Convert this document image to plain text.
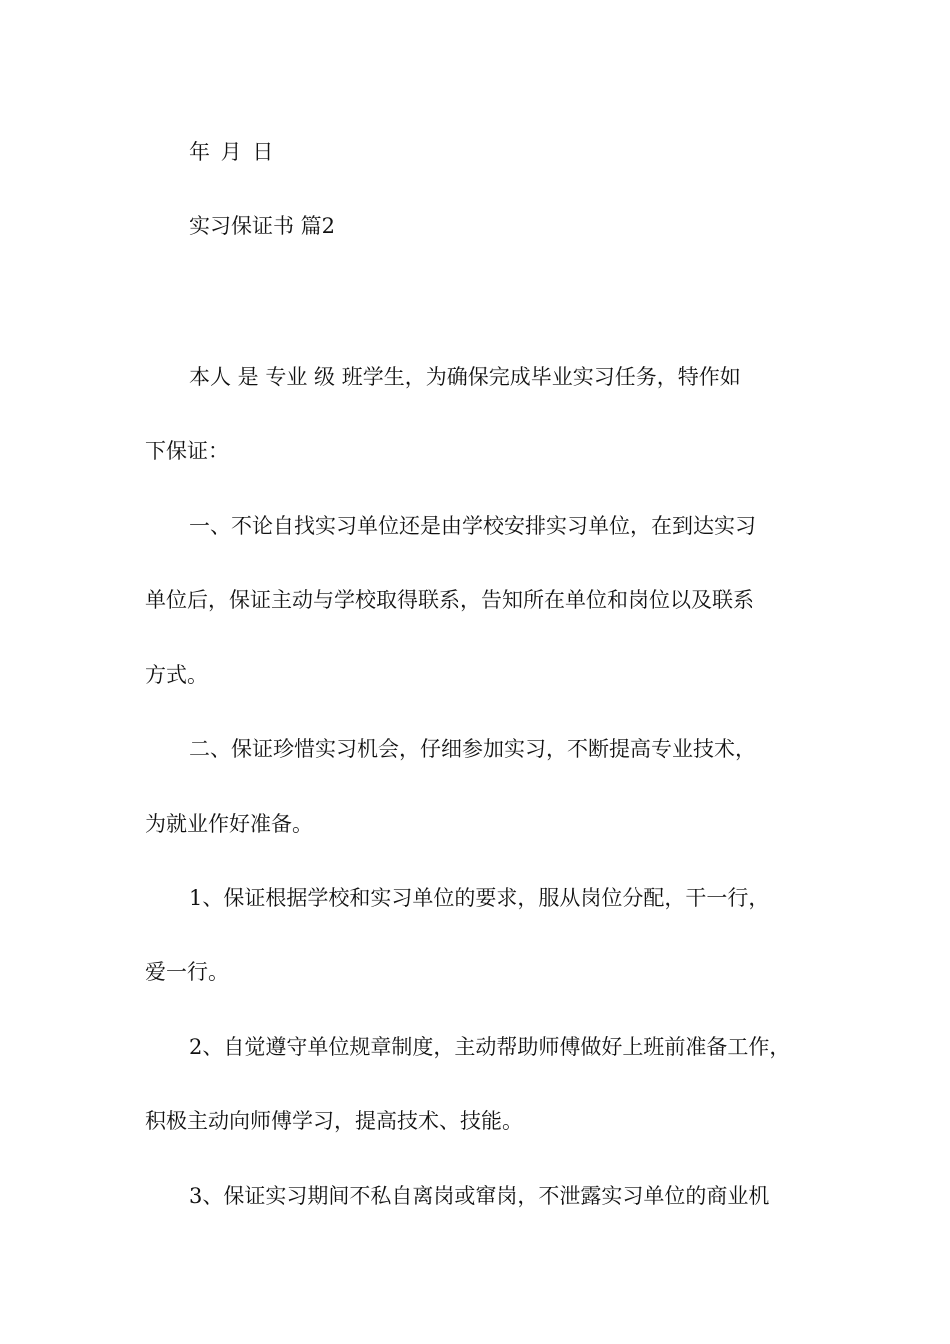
年 月 日
实习保证书 篇2
本人 是 专业 级 班学生，为确保完成毕业实习任务，特作如
下保证：
一、不论自找实习单位还是由学校安排实习单位，在到达实习
单位后，保证主动与学校取得联系，告知所在单位和岗位以及联系
方式。
二、保证珍惜实习机会，仔细参加实习，不断提高专业技术，
为就业作好准备。
1、保证根据学校和实习单位的要求，服从岗位分配，干一行，
爱一行。
2、自觉遵守单位规章制度，主动帮助师傅做好上班前准备工作，
积极主动向师傅学习，提高技术、技能。
3、保证实习期间不私自离岗或窜岗，不泄露实习单位的商业机
